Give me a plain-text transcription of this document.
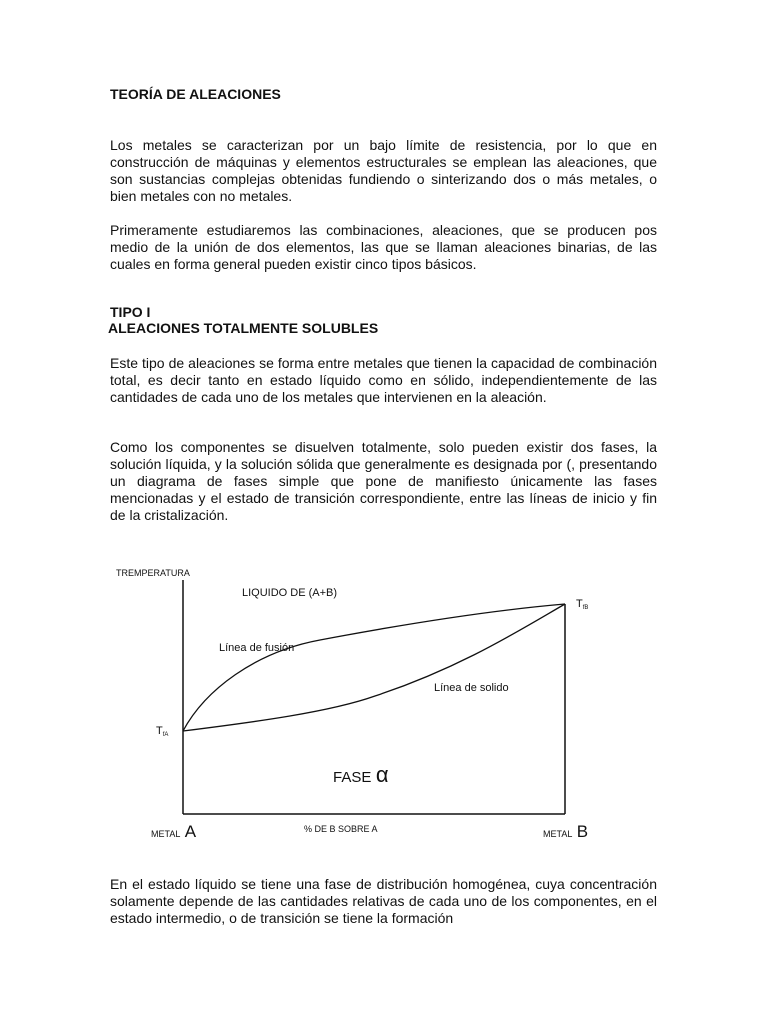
TEORÍA DE ALEACIONES

Los metales se caracterizan por un bajo límite de resistencia, por lo que en construcción de máquinas y elementos estructurales se emplean las aleaciones, que son sustancias complejas obtenidas fundiendo o sinterizando dos o más metales, o bien metales con no metales.

Primeramente estudiaremos las combinaciones, aleaciones, que se producen pos medio de la unión de dos elementos, las que se llaman aleaciones binarias, de las cuales en forma general pueden existir cinco tipos básicos.

TIPO I
ALEACIONES TOTALMENTE SOLUBLES

Este tipo de aleaciones se forma entre metales que tienen la capacidad de combinación total, es decir tanto en estado líquido como en sólido, independientemente de las cantidades de cada uno de los metales que intervienen en la aleación.

Como los componentes se disuelven totalmente, solo pueden existir dos fases, la solución líquida, y la solución sólida que generalmente es designada por (, presentando un diagrama de fases simple que pone de manifiesto únicamente las fases mencionadas y el estado de transición correspondiente, entre las líneas de inicio y fin de la cristalización.

TREMPERATURA
LIQUIDO DE (A+B)
Línea de fusión
Línea de solido
TfB
TfA
FASE α
METAL A	% DE B SOBRE A	METAL B

En el estado líquido se tiene una fase de distribución homogénea, cuya concentración solamente depende de las cantidades relativas de cada uno de los componentes, en el estado intermedio, o de transición se tiene la formación
